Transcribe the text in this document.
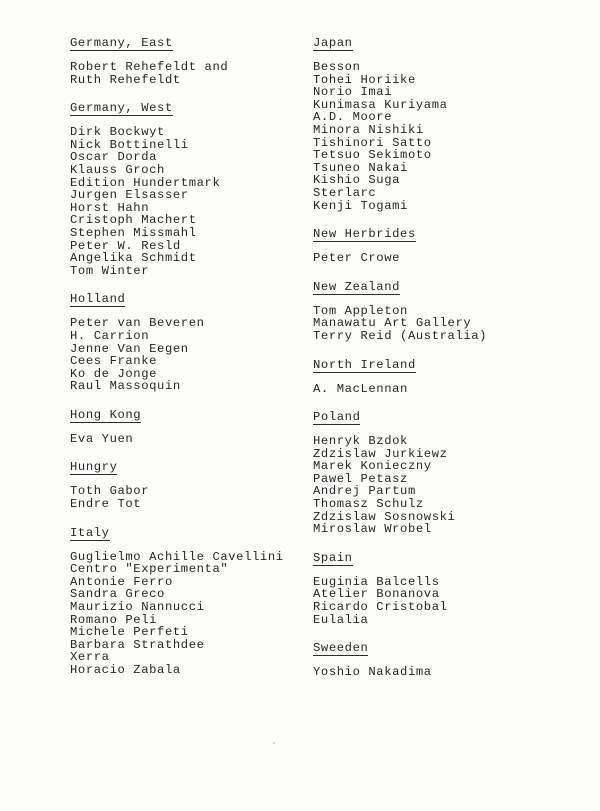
Germany, East
Robert Rehefeldt and
Ruth Rehefeldt
Germany, West
Dirk Bockwyt
Nick Bottinelli
Oscar Dorda
Klauss Groch
Edition Hundertmark
Jurgen Elsasser
Horst Hahn
Cristoph Machert
Stephen Missmahl
Peter W. Resld
Angelika Schmidt
Tom Winter
Holland
Peter van Beveren
H. Carrion
Jenne Van Eegen
Cees Franke
Ko de Jonge
Raul Massoquin
Hong Kong
Eva Yuen
Hungry
Toth Gabor
Endre Tot
Italy
Guglielmo Achille Cavellini
Centro "Experimenta"
Antonie Ferro
Sandra Greco
Maurizio Nannucci
Romano Peli
Michele Perfeti
Barbara Strathdee
Xerra
Horacio Zabala
Japan
Besson
Tohei Horiike
Norio Imai
Kunimasa Kuriyama
A.D. Moore
Minora Nishiki
Tishinori Satto
Tetsuo Sekimoto
Tsuneo Nakai
Kishio Suga
Sterlarc
Kenji Togami
New Herbrides
Peter Crowe
New Zealand
Tom Appleton
Manawatu Art Gallery
Terry Reid (Australia)
North Ireland
A. MacLennan
Poland
Henryk Bzdok
Zdzislaw Jurkiewz
Marek Konieczny
Pawel Petasz
Andrej Partum
Thomasz Schulz
Zdzislaw Sosnowski
Miroslaw Wrobel
Spain
Euginia Balcells
Atelier Bonanova
Ricardo Cristobal
Eulalia
Sweeden
Yoshio Nakadima
